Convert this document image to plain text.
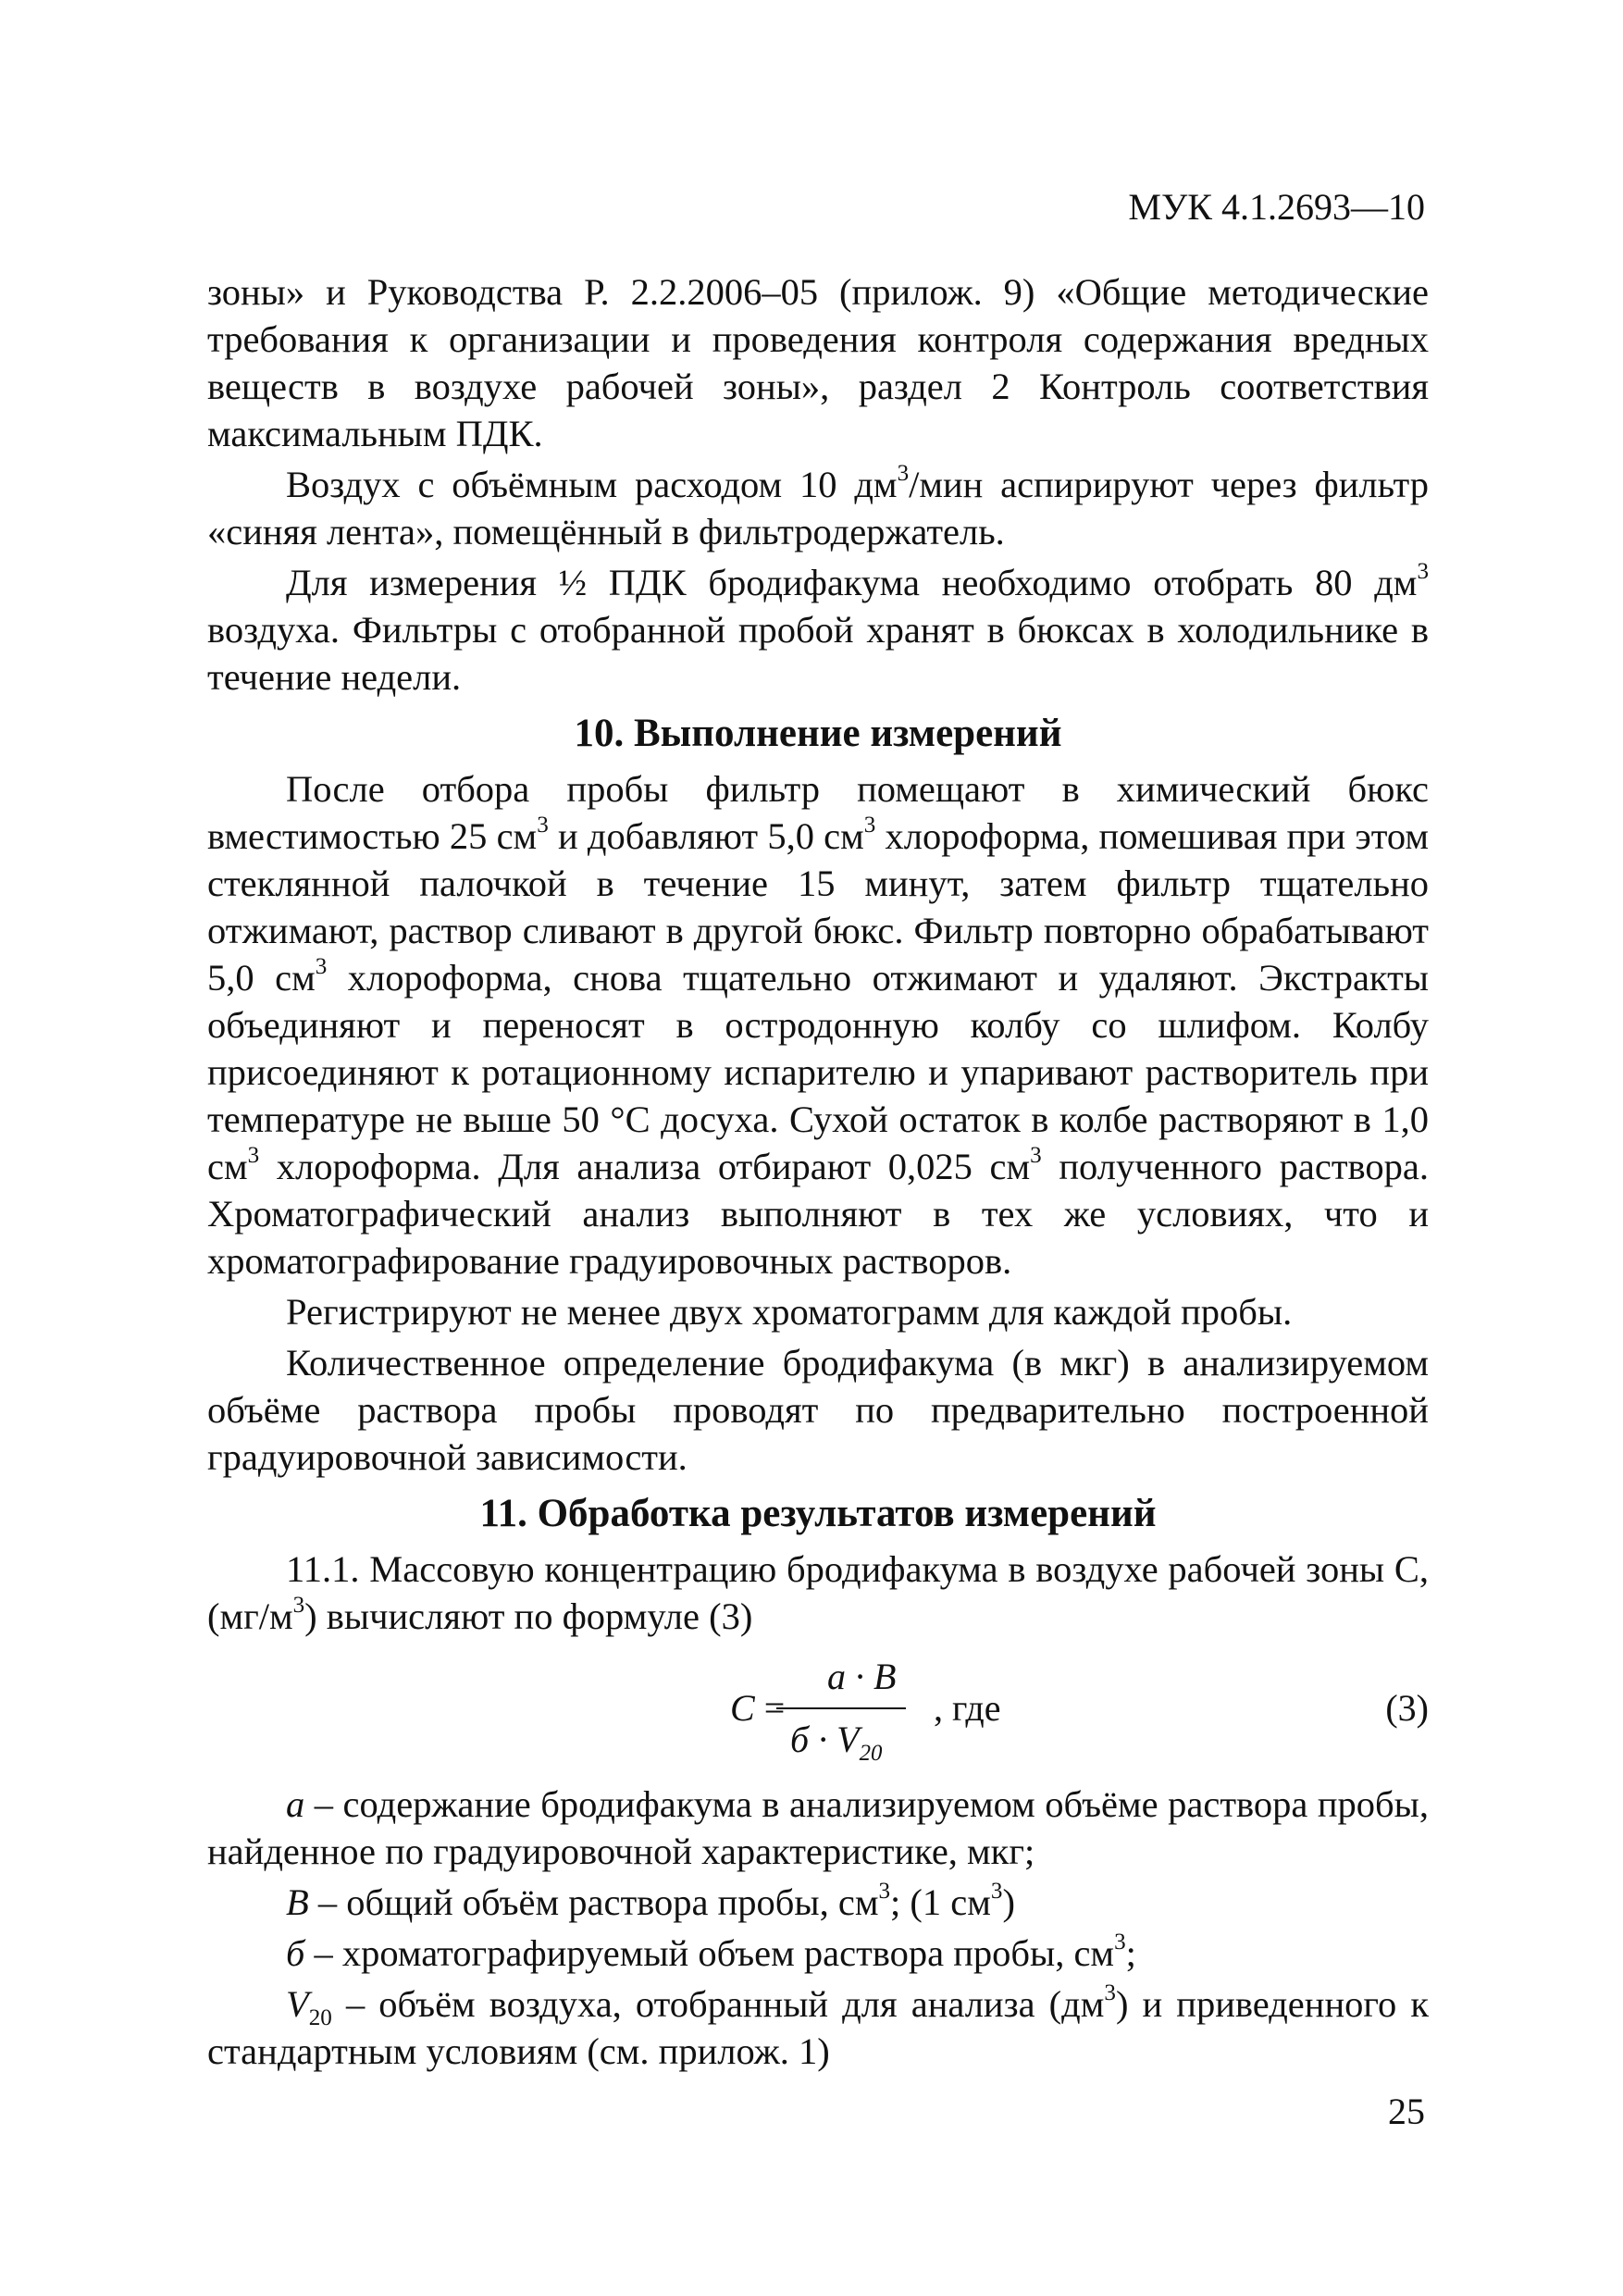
МУК 4.1.2693—10

зоны» и Руководства Р. 2.2.2006–05 (прилож. 9) «Общие методические требования к организации и проведения контроля содержания вредных веществ в воздухе рабочей зоны», раздел 2 Контроль соответствия максимальным ПДК.

Воздух с объёмным расходом 10 $дм^3$/мин аспирируют через фильтр «синяя лента», помещённый в фильтродержатель.

Для измерения ½ ПДК бродифакума необходимо отобрать 80 $дм^3$ воздуха. Фильтры с отобранной пробой хранят в бюксах в холодильнике в течение недели.

10. Выполнение измерений

После отбора пробы фильтр помещают в химический бюкс вместимостью 25 $см^3$ и добавляют 5,0 $см^3$ хлороформа, помешивая при этом стеклянной палочкой в течение 15 минут, затем фильтр тщательно отжимают, раствор сливают в другой бюкс. Фильтр повторно обрабатывают 5,0 $см^3$ хлороформа, снова тщательно отжимают и удаляют. Экстракты объединяют и переносят в остродонную колбу со шлифом. Колбу присоединяют к ротационному испарителю и упаривают растворитель при температуре не выше 50 °С досуха. Сухой остаток в колбе растворяют в 1,0 $см^3$ хлороформа. Для анализа отбирают 0,025 $см^3$ полученного раствора. Хроматографический анализ выполняют в тех же условиях, что и хроматографирование градуировочных растворов.

Регистрируют не менее двух хроматограмм для каждой пробы.

Количественное определение бродифакума (в мкг) в анализируемом объёме раствора пробы проводят по предварительно построенной градуировочной зависимости.

11. Обработка результатов измерений

11.1. Массовую концентрацию бродифакума в воздухе рабочей зоны С, $(мг/м^3)$ вычисляют по формуле (3)

C =
a · B
$б \cdot V_{20}$
, где	(3)

a – содержание бродифакума в анализируемом объёме раствора пробы, найденное по градуировочной характеристике, мкг;

B – общий объём раствора пробы, $см^3$; (1 $см^3$)

б – хроматографируемый объем раствора пробы, $см^3$;

$V_{20}$ – объём воздуха, отобранный для анализа $(дм^3)$ и приведенного к стандартным условиям (см. прилож. 1)

25
